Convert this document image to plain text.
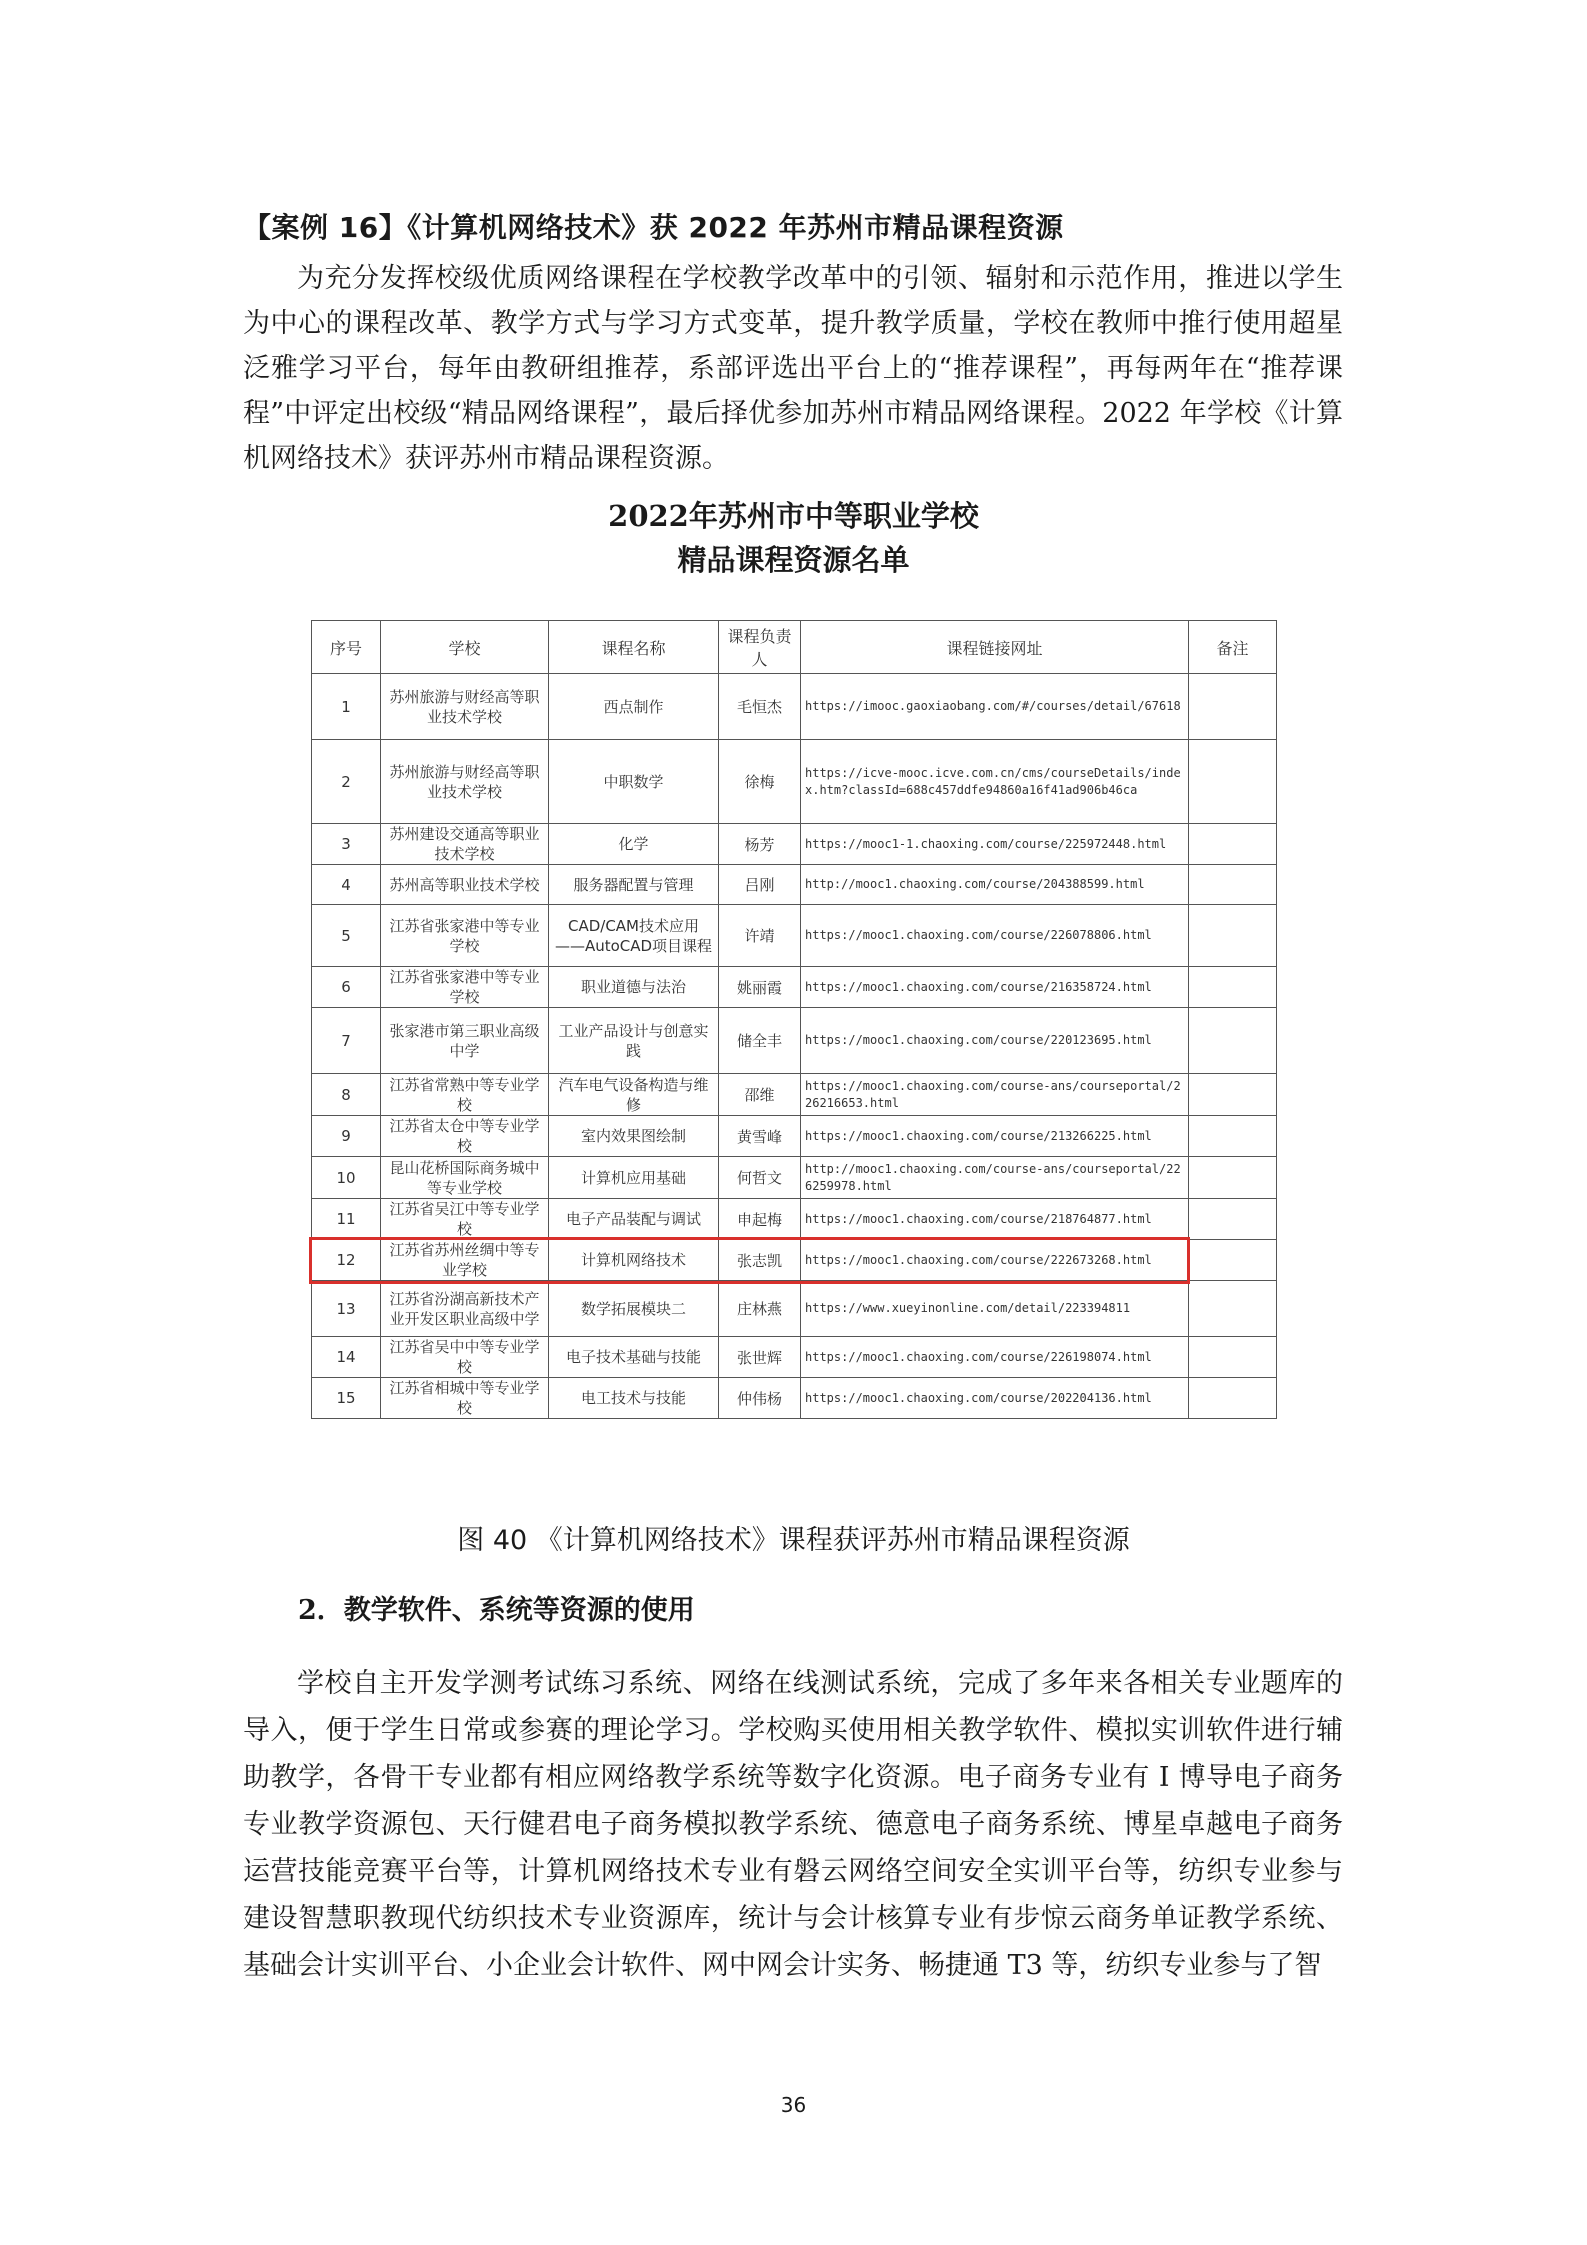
【案例 16】《计算机网络技术》获 2022 年苏州市精品课程资源

为充分发挥校级优质网络课程在学校教学改革中的引领、辐射和示范作用，推进以学生为中心的课程改革、教学方式与学习方式变革，提升教学质量，学校在教师中推行使用超星泛雅学习平台，每年由教研组推荐，系部评选出平台上的“推荐课程”，再每两年在“推荐课程”中评定出校级“精品网络课程”，最后择优参加苏州市精品网络课程。2022 年学校《计算机网络技术》获评苏州市精品课程资源。

2022年苏州市中等职业学校
精品课程资源名单
序号	学校	课程名称	课程负责人	课程链接网址	备注
1	苏州旅游与财经高等职业技术学校	西点制作	毛恒杰	https://imooc.gaoxiaobang.com/#/courses/detail/67618	
2	苏州旅游与财经高等职业技术学校	中职数学	徐梅	https://icve-mooc.icve.com.cn/cms/courseDetails/index.htm?classId=688c457ddfe94860a16f41ad906b46ca	
3	苏州建设交通高等职业技术学校	化学	杨芳	https://mooc1-1.chaoxing.com/course/225972448.html	
4	苏州高等职业技术学校	服务器配置与管理	吕刚	http://mooc1.chaoxing.com/course/204388599.html	
5	江苏省张家港中等专业学校	CAD/CAM技术应用——AutoCAD项目课程	许靖	https://mooc1.chaoxing.com/course/226078806.html	
6	江苏省张家港中等专业学校	职业道德与法治	姚丽霞	https://mooc1.chaoxing.com/course/216358724.html	
7	张家港市第三职业高级中学	工业产品设计与创意实践	储全丰	https://mooc1.chaoxing.com/course/220123695.html	
8	江苏省常熟中等专业学校	汽车电气设备构造与维修	邵维	https://mooc1.chaoxing.com/course-ans/courseportal/226216653.html	
9	江苏省太仓中等专业学校	室内效果图绘制	黄雪峰	https://mooc1.chaoxing.com/course/213266225.html	
10	昆山花桥国际商务城中等专业学校	计算机应用基础	何哲文	http://mooc1.chaoxing.com/course-ans/courseportal/226259978.html	
11	江苏省吴江中等专业学校	电子产品装配与调试	申起梅	https://mooc1.chaoxing.com/course/218764877.html	
12	江苏省苏州丝绸中等专业学校	计算机网络技术	张志凯	https://mooc1.chaoxing.com/course/222673268.html	
13	江苏省汾湖高新技术产业开发区职业高级中学	数学拓展模块二	庄林燕	https://www.xueyinonline.com/detail/223394811	
14	江苏省吴中中等专业学校	电子技术基础与技能	张世辉	https://mooc1.chaoxing.com/course/226198074.html	
15	江苏省相城中等专业学校	电工技术与技能	仲伟杨	https://mooc1.chaoxing.com/course/202204136.html	
图 40 《计算机网络技术》课程获评苏州市精品课程资源
2．教学软件、系统等资源的使用

学校自主开发学测考试练习系统、网络在线测试系统，完成了多年来各相关专业题库的导入，便于学生日常或参赛的理论学习。学校购买使用相关教学软件、模拟实训软件进行辅助教学，各骨干专业都有相应网络教学系统等数字化资源。电子商务专业有 I 博导电子商务专业教学资源包、天行健君电子商务模拟教学系统、德意电子商务系统、博星卓越电子商务运营技能竞赛平台等，计算机网络技术专业有磐云网络空间安全实训平台等，纺织专业参与建设智慧职教现代纺织技术专业资源库，统计与会计核算专业有步惊云商务单证教学系统、基础会计实训平台、小企业会计软件、网中网会计实务、畅捷通 T3 等，纺织专业参与了智

36
